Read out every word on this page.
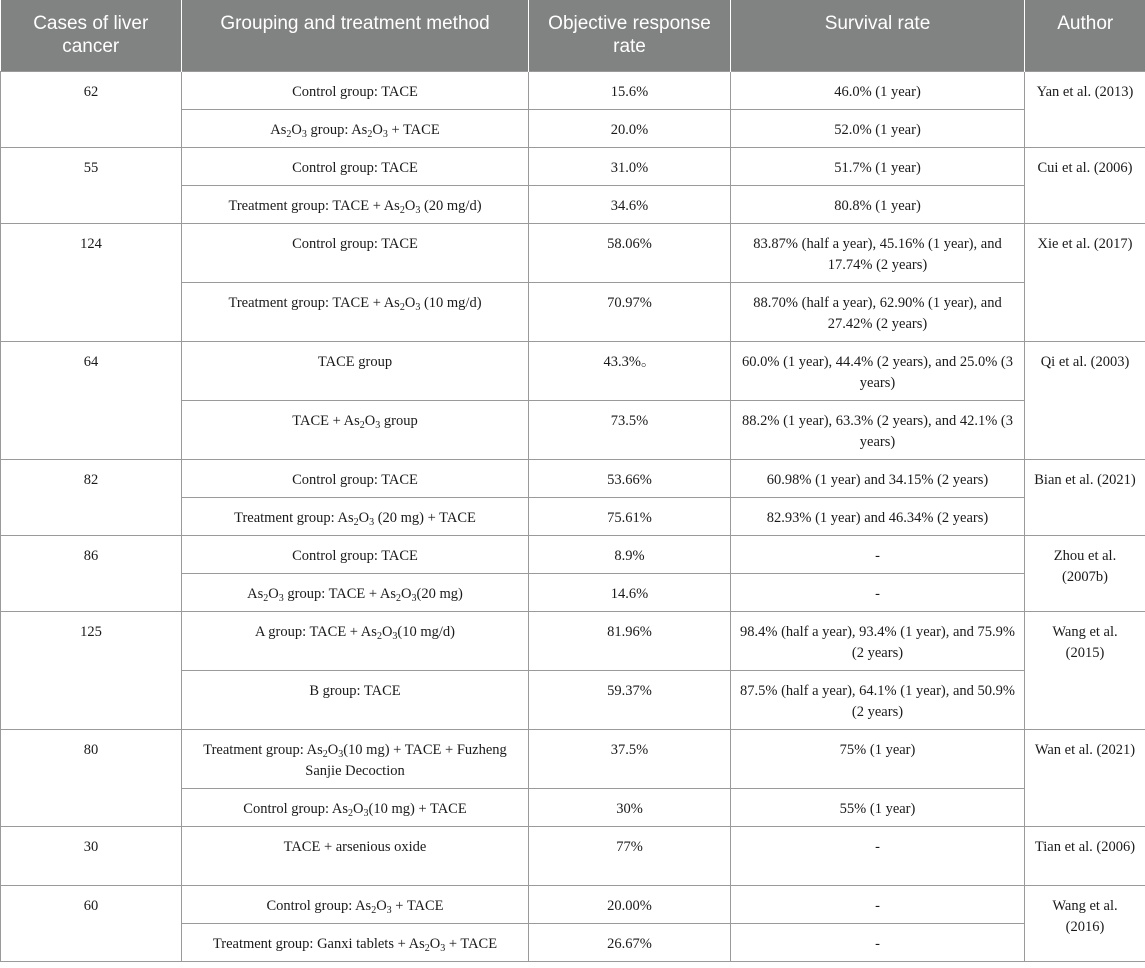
Cases of liver cancer	Grouping and treatment method	Objective response rate	Survival rate	Author
62	Control group: TACE	15.6%	46.0% (1 year)	Yan et al. (2013)
	$As_2O_3$ group: $As_2O_3$ + TACE	20.0%	52.0% (1 year)	
55	Control group: TACE	31.0%	51.7% (1 year)	Cui et al. (2006)
	Treatment group: TACE + $As_2O_3$ (20 mg/d)	34.6%	80.8% (1 year)	
124	Control group: TACE	58.06%	83.87% (half a year), 45.16% (1 year), and 17.74% (2 years)	Xie et al. (2017)
	Treatment group: TACE + $As_2O_3$ (10 mg/d)	70.97%	88.70% (half a year), 62.90% (1 year), and 27.42% (2 years)	
64	TACE group	43.3%。	60.0% (1 year), 44.4% (2 years), and 25.0% (3 years)	Qi et al. (2003)
	TACE + $As_2O_3$ group	73.5%	88.2% (1 year), 63.3% (2 years), and 42.1% (3 years)	
82	Control group: TACE	53.66%	60.98% (1 year) and 34.15% (2 years)	Bian et al. (2021)
	Treatment group: $As_2O_3$ (20 mg) + TACE	75.61%	82.93% (1 year) and 46.34% (2 years)	
86	Control group: TACE	8.9%	-	Zhou et al. (2007b)
	$As_2O_3$ group: TACE + $As_2O_3(20$ mg)	14.6%	-	
125	A group: TACE + $As_2O_3(10$ mg/d)	81.96%	98.4% (half a year), 93.4% (1 year), and 75.9% (2 years)	Wang et al. (2015)
	B group: TACE	59.37%	87.5% (half a year), 64.1% (1 year), and 50.9% (2 years)	
80	Treatment group: $As_2O_3(10$ mg) + TACE + Fuzheng Sanjie Decoction	37.5%	75% (1 year)	Wan et al. (2021)
	Control group: $As_2O_3(10$ mg) + TACE	30%	55% (1 year)	
30	TACE + arsenious oxide	77%	-	Tian et al. (2006)
60	Control group: $As_2O_3$ + TACE	20.00%	-	Wang et al. (2016)
	Treatment group: Ganxi tablets + $As_2O_3$ + TACE	26.67%	-	
